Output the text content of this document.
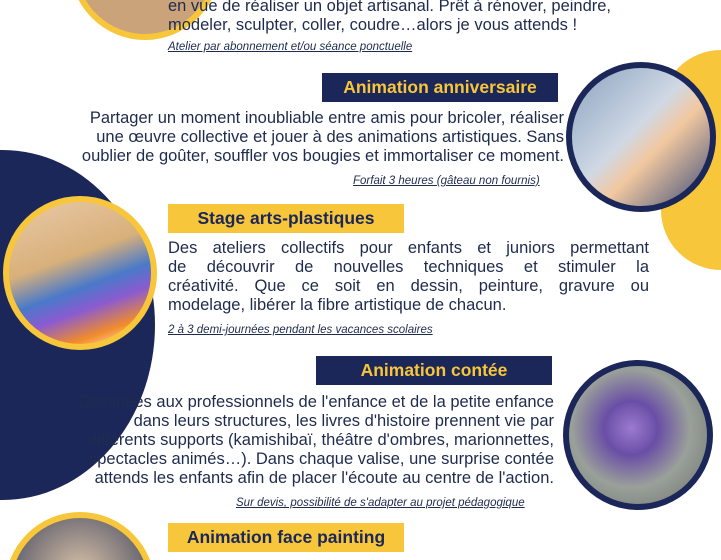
en vue de réaliser un objet artisanal. Prêt à rénover, peindre,
modeler, sculpter, coller, coudre…alors je vous attends !
Atelier par abonnement et/ou séance ponctuelle
Animation anniversaire
Partager un moment inoubliable entre amis pour bricoler, réaliser
une œuvre collective et jouer à des animations artistiques. Sans
oublier de goûter, souffler vos bougies et immortaliser ce moment.
Forfait 3 heures (gâteau non fournis)
Stage arts-plastiques
Des ateliers collectifs pour enfants et juniors permettant
de découvrir de nouvelles techniques et stimuler la
créativité. Que ce soit en dessin, peinture, gravure ou
modelage, libérer la fibre artistique de chacun.
2 à 3 demi-journées pendant les vacances scolaires
Animation contée
Destinées aux professionnels de l'enfance et de la petite enfance
dans leurs structures, les livres d'histoire prennent vie par
différents supports (kamishibaï, théâtre d'ombres, marionnettes,
spectacles animés…). Dans chaque valise, une surprise contée
attends les enfants afin de placer l'écoute au centre de l'action.
Sur devis, possibilité de s'adapter au projet pédagogique
Animation face painting
